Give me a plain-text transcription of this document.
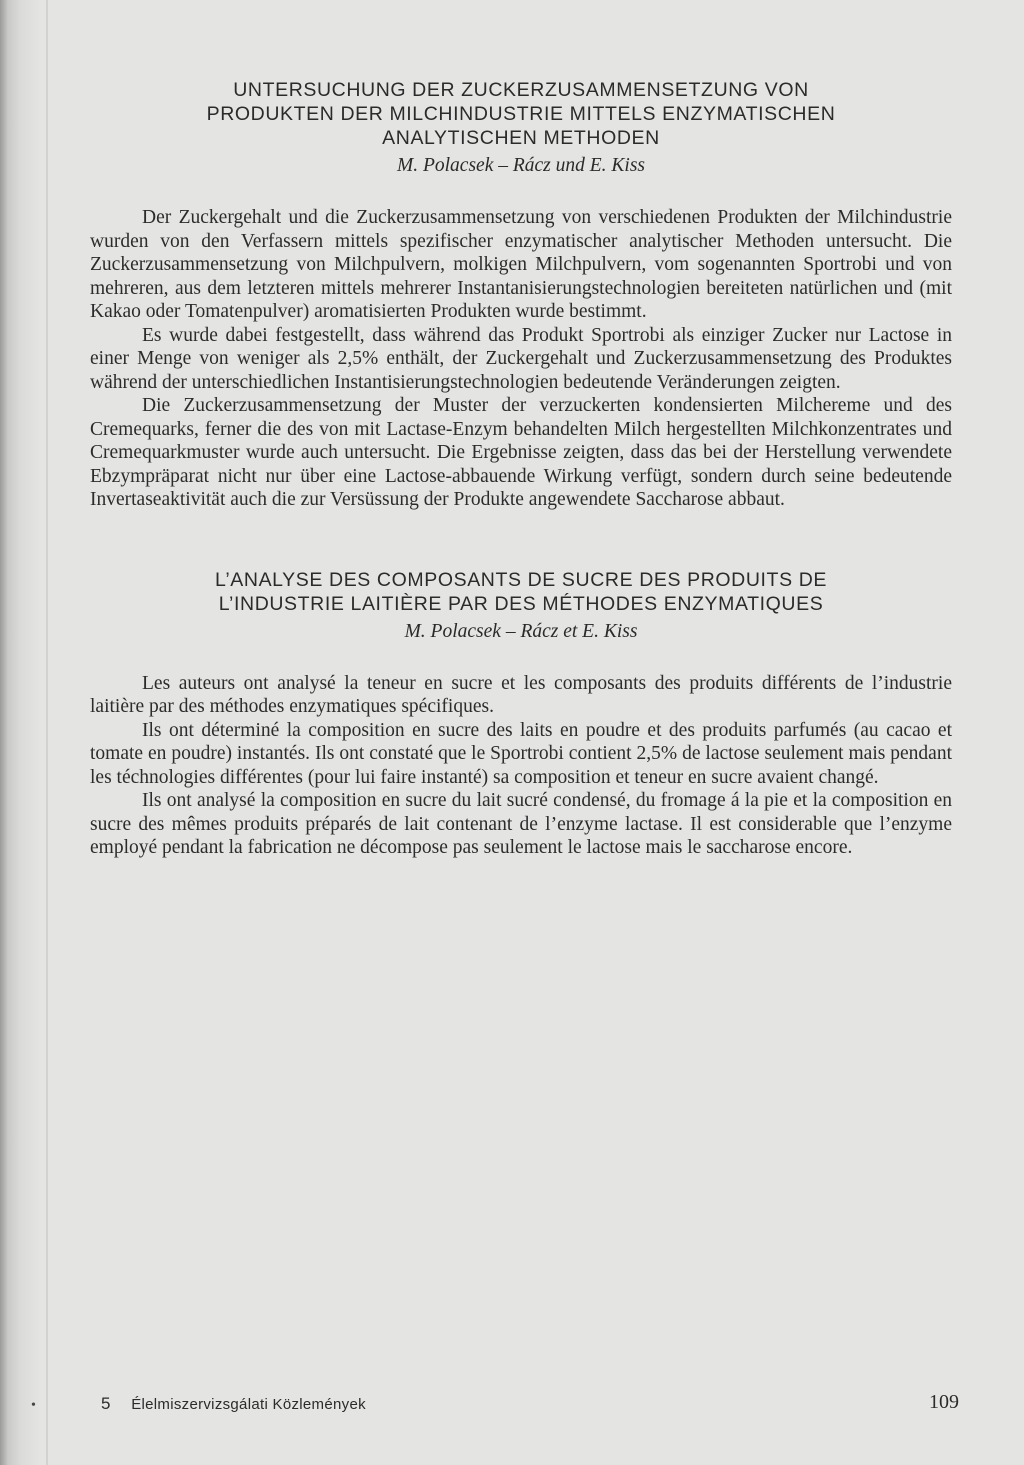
•
UNTERSUCHUNG DER ZUCKERZUSAMMENSETZUNG VON
PRODUKTEN DER MILCHINDUSTRIE MITTELS ENZYMATISCHEN
ANALYTISCHEN METHODEN
M. Polacsek – Rácz und E. Kiss

Der Zuckergehalt und die Zuckerzusammensetzung von verschiedenen Produkten der Milchindustrie wurden von den Verfassern mittels spezifischer enzymatischer analytischer Methoden untersucht. Die Zuckerzusammensetzung von Milchpulvern, molkigen Milchpulvern, vom sogenannten Sportrobi und von mehreren, aus dem letzteren mittels mehrerer Instantanisierungstechnologien bereiteten natürlichen und (mit Kakao oder Tomatenpulver) aromatisierten Produkten wurde bestimmt.

Es wurde dabei festgestellt, dass während das Produkt Sportrobi als einziger Zucker nur Lactose in einer Menge von weniger als 2,5% enthält, der Zuckergehalt und Zuckerzusammensetzung des Produktes während der unterschiedlichen Instantisierungstechnologien bedeutende Veränderungen zeigten.

Die Zuckerzusammensetzung der Muster der verzuckerten kondensierten Milchereme und des Cremequarks, ferner die des von mit Lactase-Enzym behandelten Milch hergestellten Milchkonzentrates und Cremequarkmuster wurde auch untersucht. Die Ergebnisse zeigten, dass das bei der Herstellung verwendete Ebzympräparat nicht nur über eine Lactose-abbauende Wirkung verfügt, sondern durch seine bedeutende Invertaseaktivität auch die zur Versüssung der Produkte angewendete Saccharose abbaut.

L’ANALYSE DES COMPOSANTS DE SUCRE DES PRODUITS DE
L’INDUSTRIE LAITIÈRE PAR DES MÉTHODES ENZYMATIQUES
M. Polacsek – Rácz et E. Kiss

Les auteurs ont analysé la teneur en sucre et les composants des produits différents de l’industrie laitière par des méthodes enzymatiques spécifiques.

Ils ont déterminé la composition en sucre des laits en poudre et des produits parfumés (au cacao et tomate en poudre) instantés. Ils ont constaté que le Sportrobi contient 2,5% de lactose seulement mais pendant les téchnologies différentes (pour lui faire instanté) sa composition et teneur en sucre avaient changé.

Ils ont analysé la composition en sucre du lait sucré condensé, du fromage á la pie et la composition en sucre des mêmes produits préparés de lait contenant de l’enzyme lactase. Il est considerable que l’enzyme employé pendant la fabrication ne décompose pas seulement le lactose mais le saccharose encore.

5 Élelmiszervizsgálati Közlemények	109
